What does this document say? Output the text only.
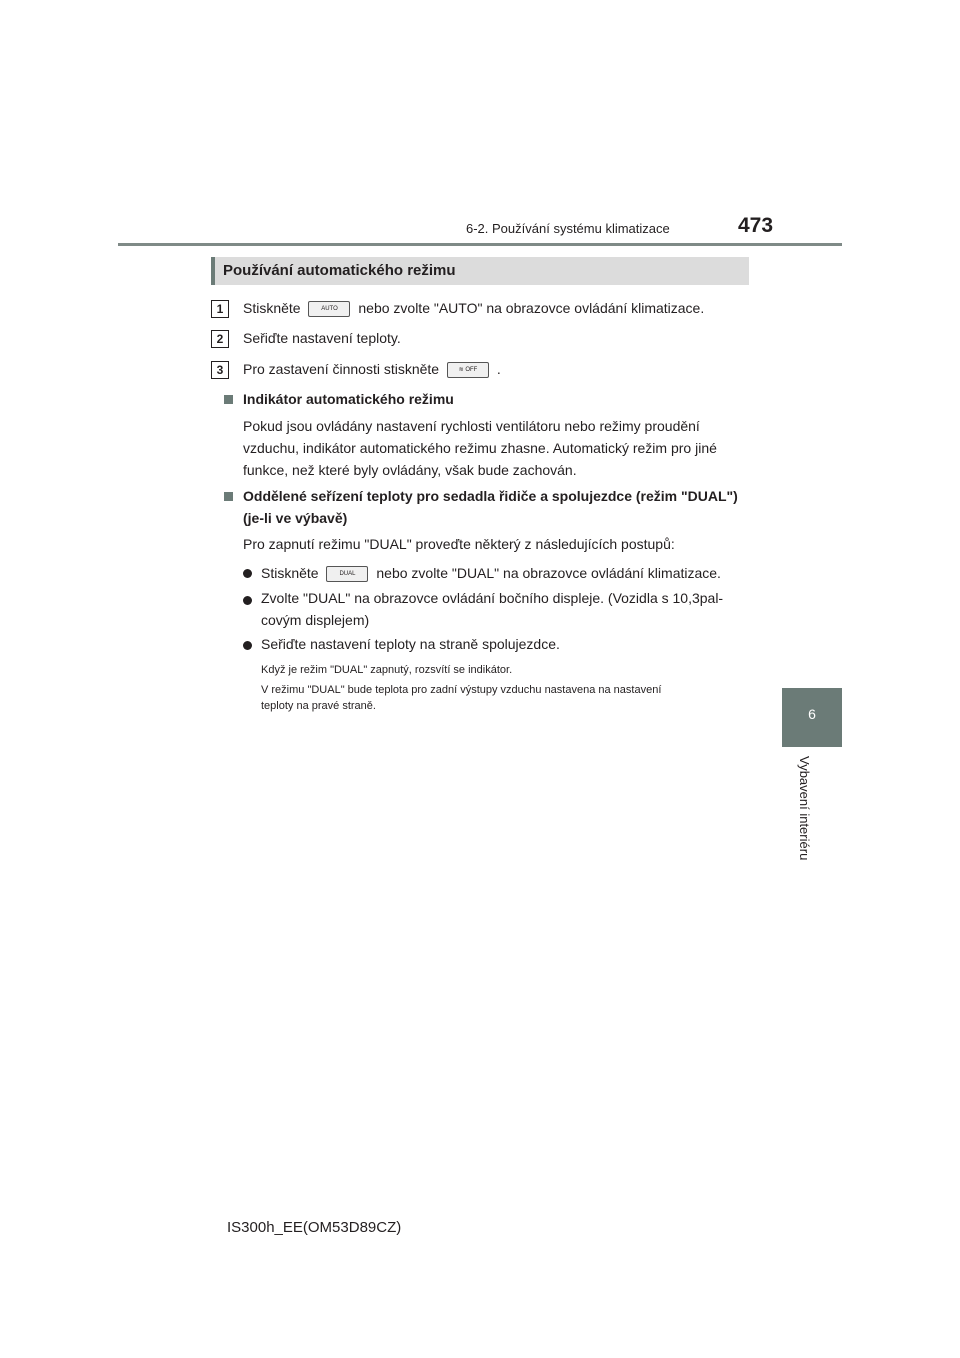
6-2. Používání systému klimatizace	473
6
Vybavení interiéru
Používání automatického režimu
1	Stiskněte	AUTO nebo zvolte "AUTO" na obrazovce ovládání klimatizace.
2	Seřiďte nastavení teploty.
3	Pro zastavení činnosti stiskněte	≋ OFF .
Indikátor automatického režimu
Pokud jsou ovládány nastavení rychlosti ventilátoru nebo režimy proudění
vzduchu, indikátor automatického režimu zhasne. Automatický režim pro jiné
funkce, než které byly ovládány, však bude zachován.
Oddělené seřízení teploty pro sedadla řidiče a spolujezdce (režim "DUAL")
(je-li ve výbavě)
Pro zapnutí režimu "DUAL" proveďte některý z následujících postupů:
Stiskněte	DUAL nebo zvolte "DUAL" na obrazovce ovládání klimatizace.
Zvolte "DUAL" na obrazovce ovládání bočního displeje. (Vozidla s 10,3pal-
covým displejem)
Seřiďte nastavení teploty na straně spolujezdce.
Když je režim "DUAL" zapnutý, rozsvítí se indikátor.
V režimu "DUAL" bude teplota pro zadní výstupy vzduchu nastavena na nastavení
teploty na pravé straně.
IS300h_EE(OM53D89CZ)
